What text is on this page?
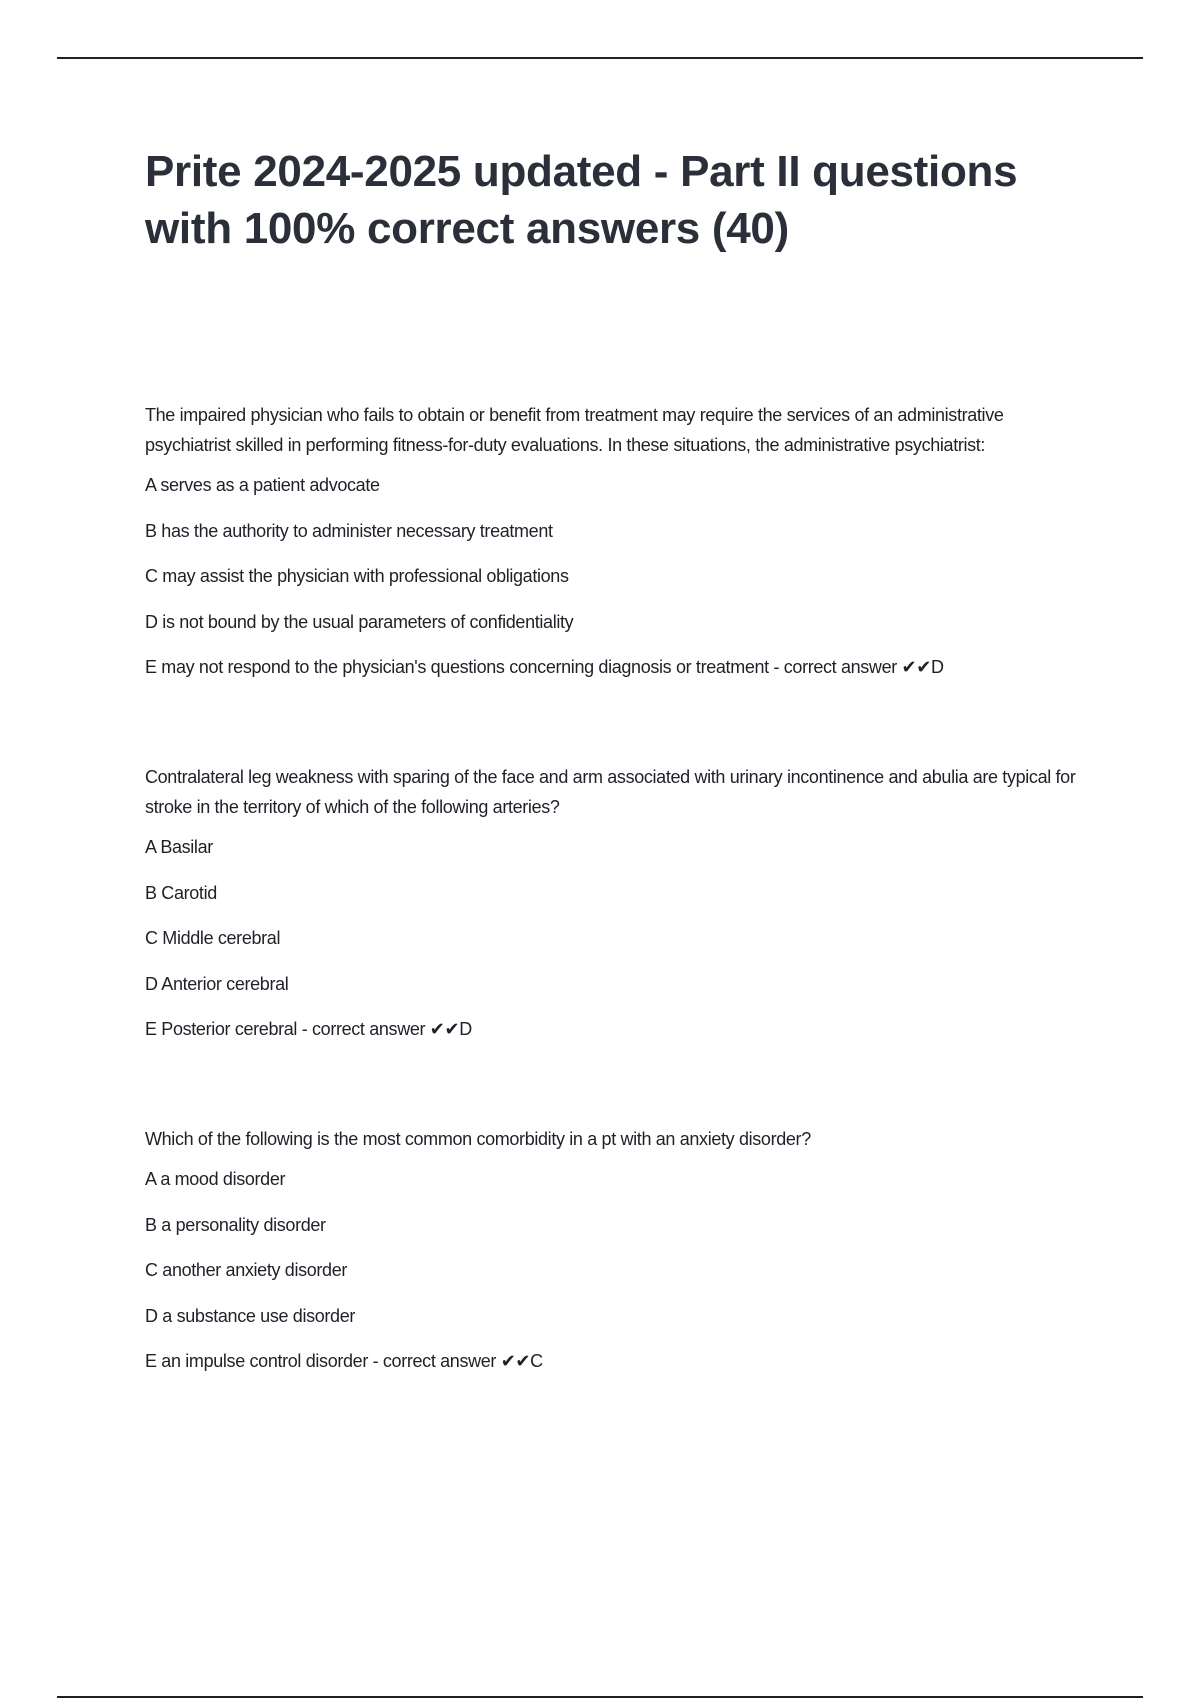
Prite 2024-2025 updated - Part II questions with 100% correct answers (40)

The impaired physician who fails to obtain or benefit from treatment may require the services of an administrative psychiatrist skilled in performing fitness-for-duty evaluations. In these situations, the administrative psychiatrist:

A serves as a patient advocate
B has the authority to administer necessary treatment
C may assist the physician with professional obligations
D is not bound by the usual parameters of confidentiality
E may not respond to the physician's questions concerning diagnosis or treatment - correct answer ✔✔D

Contralateral leg weakness with sparing of the face and arm associated with urinary incontinence and abulia are typical for stroke in the territory of which of the following arteries?

A Basilar
B Carotid
C Middle cerebral
D Anterior cerebral
E Posterior cerebral - correct answer ✔✔D

Which of the following is the most common comorbidity in a pt with an anxiety disorder?

A a mood disorder
B a personality disorder
C another anxiety disorder
D a substance use disorder
E an impulse control disorder - correct answer ✔✔C
